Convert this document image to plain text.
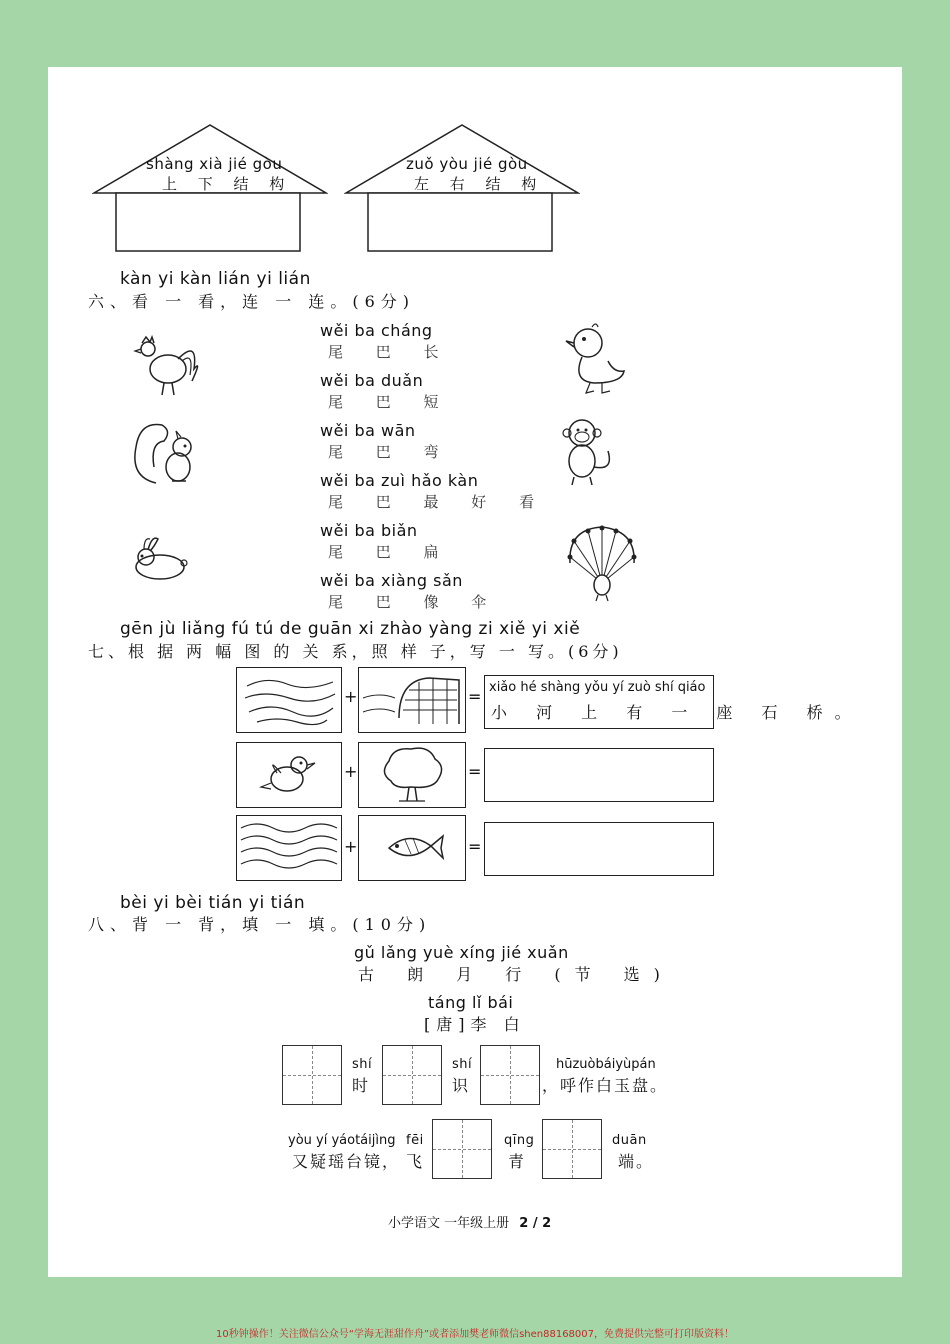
shàng xià jié gòu
上 下 结 构
zuǒ yòu jié gòu
左 右 结 构
kàn yi kàn lián yi lián
六、看 一 看，连 一 连。(6分)
wěi ba cháng
尾 巴 长
wěi ba duǎn
尾 巴 短
wěi ba wān
尾 巴 弯
wěi ba zuì hǎo kàn
尾 巴 最 好 看
wěi ba biǎn
尾 巴 扁
wěi ba xiàng sǎn
尾 巴 像 伞
gēn jù liǎng fú tú de guān xi zhào yàng zi xiě yi xiě
七、根 据 两 幅 图 的 关 系，照 样 子，写 一 写。(6分)
+	= xiǎo hé shàng yǒu yí zuò shí qiáo
小 河 上 有 一 座 石 桥。
+	=
+	=
bèi yi bèi tián yi tián
八、背 一 背，填 一 填。(10分)
gǔ lǎng yuè xíng jié xuǎn
古 朗 月 行 (节 选)
táng lǐ bái
[唐]李 白
shí
时
shí
识
hūzuòbáiyùpán
，呼作白玉盘。
yòu yí yáotáijìng
又疑瑶台镜，
fēi
飞
qīng
青
duān
端。
小学语文 一年级上册 2 / 2
10秒钟操作！关注微信公众号“学海无涯甜作舟”或者添加樊老师微信shen88168007，免费提供完整可打印版资料！
